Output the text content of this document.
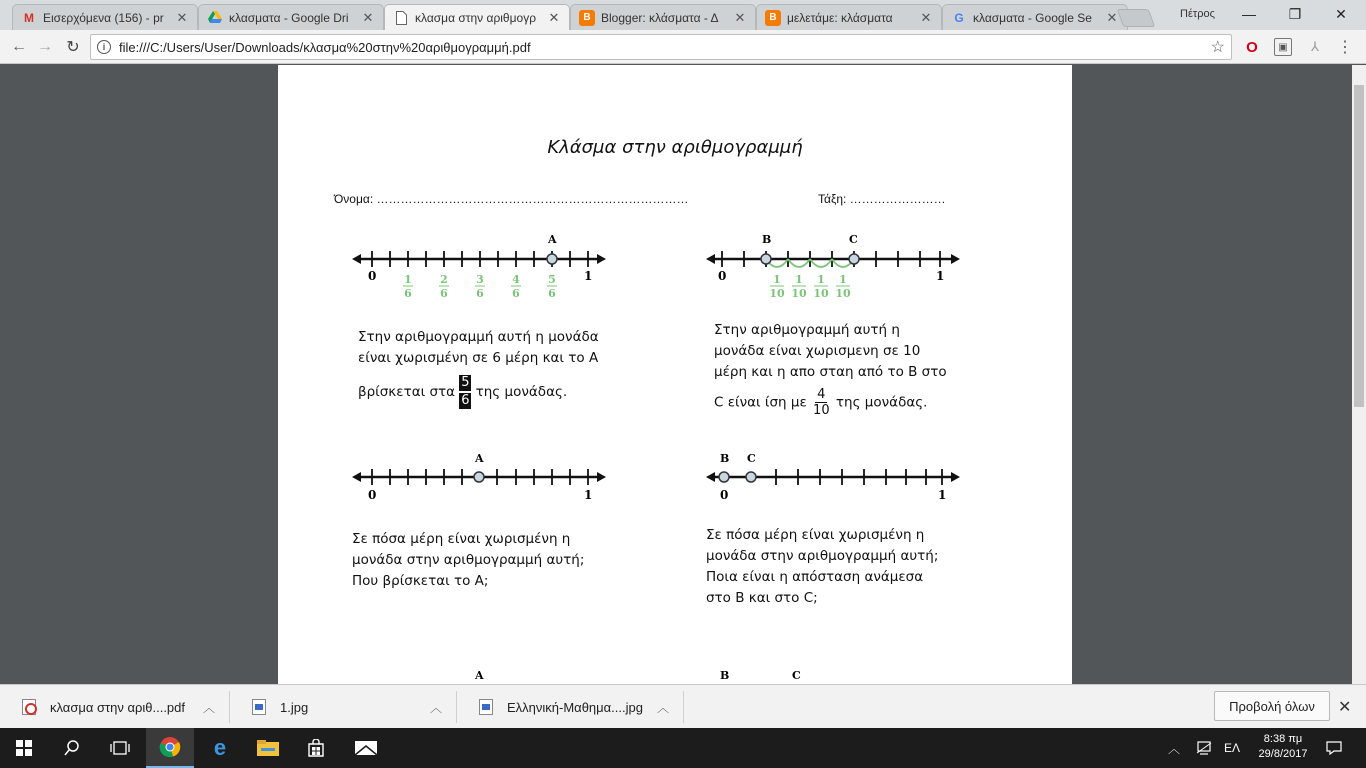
M Εισερχόμενα (156) - pr ✕	κλασματα - Google Dri	✕	κλασμα στην αριθμογρ ✕	B Blogger: κλάσματα - Δ	✕	B μελετάμε: κλάσματα	✕ G κλασματα - Google Se	✕	Πέτρος	—	❐	✕
← → ↻	i	file:///C:/Users/User/Downloads/κλασμα%20στην%20αριθμογραμμή.pdf	☆ O	▣	⅄	⋮
Κλάσμα στην αριθμογραμμή
Όνομα: ……………………………………………………………………	Τάξη: ……………………
A
0	1
1
6
2
6
3
6
4
6
5
6
B	C
0	1
1
10
1
10
1
10
1
10
Στην αριθμογραμμή αυτή η μονάδα
είναι χωρισμένη σε 6 μέρη και το Α
βρίσκεται στα
5
6
της μονάδας.
Στην αριθμογραμμή αυτή η
μονάδα είναι χωρισμενη σε 10
μέρη και η απο σταη από το Β στο
C είναι ίση με $\frac{4}{10}$ της μονάδας.
A
0	1
B C
0	1
Σε πόσα μέρη είναι χωρισμένη η
μονάδα στην αριθμογραμμή αυτή;
Που βρίσκεται το Α;
Σε πόσα μέρη είναι χωρισμένη η
μονάδα στην αριθμογραμμή αυτή;
Ποια είναι η απόσταση ανάμεσα
στο Β και στο C;
A	B	C
κλασμα στην αριθ....pdf ︿	1.jpg	︿	Ελληνική-Μαθημα....jpg ︿	Προβολή όλων	✕
e	︿	ΕΛ
8:38 πμ
29/8/2017
